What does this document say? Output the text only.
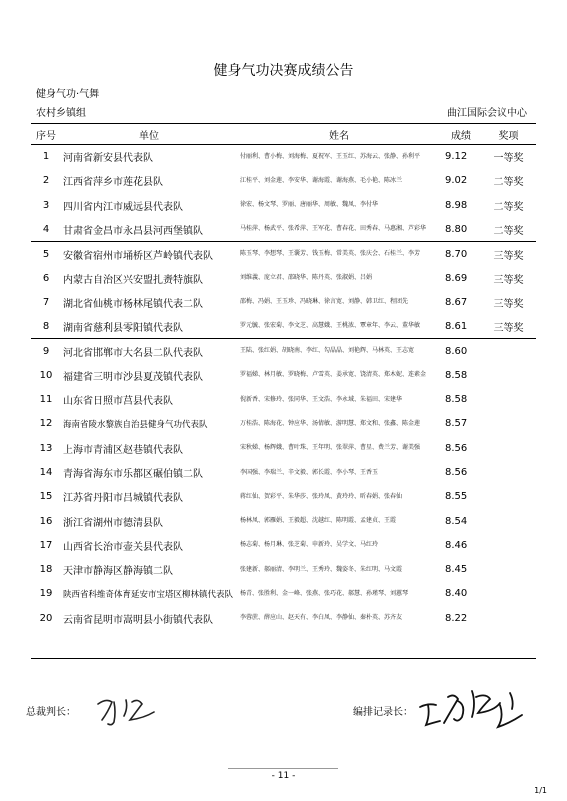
健身气功决赛成绩公告
健身气功·气舞
农村乡镇组	曲江国际会议中心
序号	单位	姓名	成绩	奖项
1	河南省新安县代表队	付丽利、曹小梅、刘海梅、夏祝军、王玉红、苏海云、张静、孙利平	9.12	一等奖
2	江西省萍乡市莲花县队	江桂平、刘金莲、李安华、谢海霞、谢海燕、毛小艳、陈冰兰	9.02	二等奖
3	四川省内江市威远县代表队	徐宏、杨文琴、罗丽、唐丽华、周敏、魏凤、李付华	8.98	二等奖
4	甘肃省金昌市永昌县河西堡镇队	马桂萍、杨武平、张希萍、王军花、曹春花、田秀春、马惠湘、芦彩华	8.80	二等奖
5	安徽省宿州市埇桥区芦岭镇代表队	陈玉琴、李想琴、王囊芳、钱玉梅、常美英、张庆会、石桂兰、李芳	8.70	三等奖
6	内蒙古自治区兴安盟扎赉特旗队	刘维義、庞立君、邵晓华、陈丹英、张淑娟、吕娟	8.69	三等奖
7	湖北省仙桃市杨林尾镇代表二队	邵梅、冯娟、王玉珍、冯晓琳、徐言宽、刘静、韩卫红、程团先	8.67	三等奖
8	湖南省慈利县零阳镇代表队	罗元毓、张宏菊、李文芝、高慧娥、王桃浓、覃章年、李云、董华敏	8.61	三等奖
9	河北省邯郸市大名县二队代表队	王陆、张红娟、胡晓南、李红、勾晶晶、刘艳辉、马林英、王志宽	8.60	
10	福建省三明市沙县夏茂镇代表队	罗福娣、林月敏、罗晓梅、卢雪英、姜承宽、饶清英、郑木妮、连素金	8.58	
11	山东省日照市莒县代表队	倪新香、宋修玲、张同华、王文浩、李永域、朱福田、宋建华	8.58	
12	海南省陵水黎族自治县健身气功代表队	万桂浩、陈海花、钟应华、汤倩敏、游明慧、郑文和、张鑫、陈金莲	8.57	
13	上海市青浦区赵巷镇代表队	宋秋娣、杨辉娥、曹叶珠、王年明、张翠萍、曹星、费兰芳、谢美强	8.56	
14	青海省海东市乐都区碾伯镇二队	李国强、李瑞兰、辛文毅、郭长霞、李小琴、王香玉	8.56	
15	江苏省丹阳市吕城镇代表队	蒋红仙、贺彩平、朱华莎、张玲凤、黄玲玲、昕春娟、张春仙	8.55	
16	浙江省湖州市德清县队	杨林凤、郭雁娟、王毅超、沈越红、陈明霞、孟建贞、王霞	8.54	
17	山西省长治市壶关县代表队	杨志菊、杨月琳、张芝菊、申新玲、吴学文、马红玲	8.46	
18	天津市静海区静海镇二队	张建新、郝丽清、李明兰、王秀玲、魏姿冬、朱红明、马文霞	8.45	
19	陕西省科维奇体育延安市宝塔区柳林镇代表队	杨青、张胜利、金一峰、张燕、张巧花、郝慧、孙瑾琴、刘蕙琴	8.40	
20	云南省昆明市嵩明县小街镇代表队	李蓉蔗、薛应山、赵天有、李白凤、李静仙、秦朴英、苏齐友	8.22	
总裁判长：	编排记录长：
- 11 -
1/1
